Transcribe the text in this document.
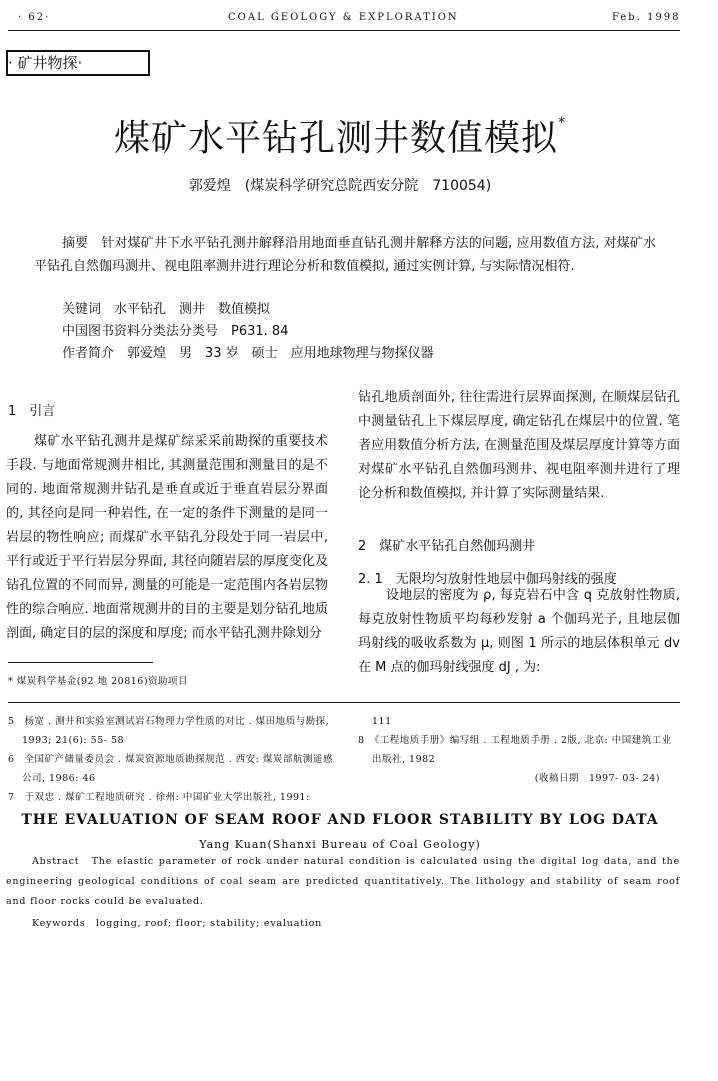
· 62·	COAL GEOLOGY & EXPLORATION	Feb. 1998
· 矿井物探·
煤矿水平钻孔测井数值模拟*
郭爱煌　(煤炭科学研究总院西安分院　710054)
摘要　针对煤矿井下水平钻孔测井解释沿用地面垂直钻孔测井解释方法的问题, 应用数值方法, 对煤矿水平钻孔自然伽玛测井、视电阻率测井进行理论分析和数值模拟, 通过实例计算, 与实际情况相符.
关键词　水平钻孔　测井　数值模拟
中国图书资料分类法分类号　P631. 84
作者简介　郭爱煌　男　33 岁　硕士　应用地球物理与物探仪器
1　引言
煤矿水平钻孔测井是煤矿综采采前勘探的重要技术手段. 与地面常规测井相比, 其测量范围和测量目的是不同的. 地面常规测井钻孔是垂直或近于垂直岩层分界面的, 其径向是同一种岩性, 在一定的条件下测量的是同一岩层的物性响应; 而煤矿水平钻孔分段处于同一岩层中, 平行或近于平行岩层分界面, 其径向随岩层的厚度变化及钻孔位置的不同而异, 测量的可能是一定范围内各岩层物性的综合响应. 地面常规测井的目的主要是划分钻孔地质剖面, 确定目的层的深度和厚度; 而水平钻孔测井除划分
* 煤炭科学基金(92 地 20816)资助项目
钻孔地质剖面外, 往往需进行层界面探测, 在顺煤层钻孔中测量钻孔上下煤层厚度, 确定钻孔在煤层中的位置. 笔者应用数值分析方法, 在测量范围及煤层厚度计算等方面对煤矿水平钻孔自然伽玛测井、视电阻率测井进行了理论分析和数值模拟, 并计算了实际测量结果.
2　煤矿水平钻孔自然伽玛测井
2. 1　无限均匀放射性地层中伽玛射线的强度
设地层的密度为 ρ, 每克岩石中含 q 克放射性物质, 每克放射性物质平均每秒发射 a 个伽玛光子, 且地层伽玛射线的吸收系数为 μ, 则图 1 所示的地层体积单元 dv 在 M 点的伽玛射线强度 dJ , 为:
5　杨宽 . 测井和实验室测试岩石物理力学性质的对比 . 煤田地质与勘探, 1993; 21(6): 55- 58
6　全国矿产储量委员会 . 煤炭资源地质勘探规范 . 西安: 煤炭部航测遥感公司, 1986: 46
7　于双忠 . 煤矿工程地质研究 . 徐州: 中国矿业大学出版社, 1991:
111
8　《工程地质手册》编写组 . 工程地质手册 . 2版, 北京: 中国建筑工业出版社, 1982
(收稿日期　1997- 03- 24)
THE EVALUATION OF SEAM ROOF AND FLOOR STABILITY BY LOG DATA
Yang Kuan(Shanxi Bureau of Coal Geology)
Abstract　The elastic parameter of rock under natural condition is calculated using the digital log data, and the engineering geological conditions of coal seam are predicted quantitatively. The lithology and stability of seam roof and floor rocks could be evaluated.
Keywords　logging, roof; floor; stability; evaluation
